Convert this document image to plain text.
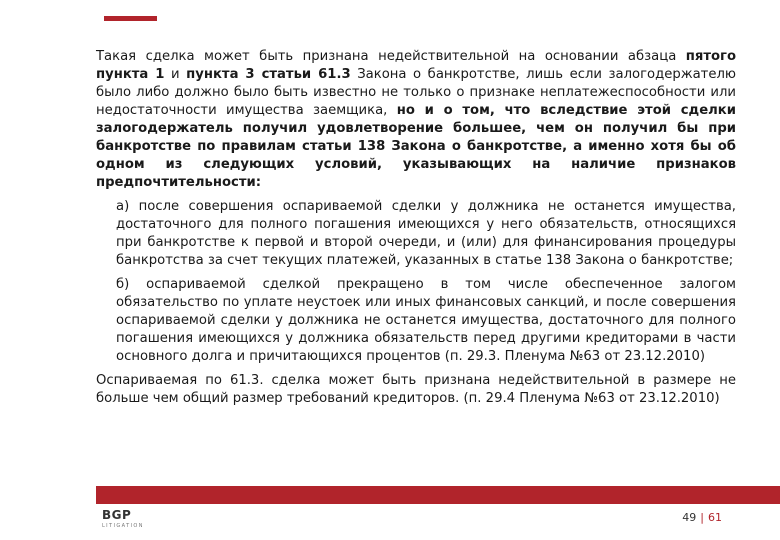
Такая сделка может быть признана недействительной на основании абзаца пятого пункта 1 и пункта 3 статьи 61.3 Закона о банкротстве, лишь если залогодержателю было либо должно было быть известно не только о признаке неплатежеспособности или недостаточности имущества заемщика, но и о том, что вследствие этой сделки залогодержатель получил удовлетворение большее, чем он получил бы при банкротстве по правилам статьи 138 Закона о банкротстве, а именно хотя бы об одном из следующих условий, указывающих на наличие признаков предпочтительности:

а) после совершения оспариваемой сделки у должника не останется имущества, достаточного для полного погашения имеющихся у него обязательств, относящихся при банкротстве к первой и второй очереди, и (или) для финансирования процедуры банкротства за счет текущих платежей, указанных в статье 138 Закона о банкротстве;

б) оспариваемой сделкой прекращено в том числе обеспеченное залогом обязательство по уплате неустоек или иных финансовых санкций, и после совершения оспариваемой сделки у должника не останется имущества, достаточного для полного погашения имеющихся у должника обязательств перед другими кредиторами в части основного долга и причитающихся процентов (п. 29.3. Пленума №63 от 23.12.2010)

Оспариваемая по 61.3. сделка может быть признана недействительной в размере не больше чем общий размер требований кредиторов. (п. 29.4 Пленума №63 от 23.12.2010)

BGP
LITIGATION
49 | 61
